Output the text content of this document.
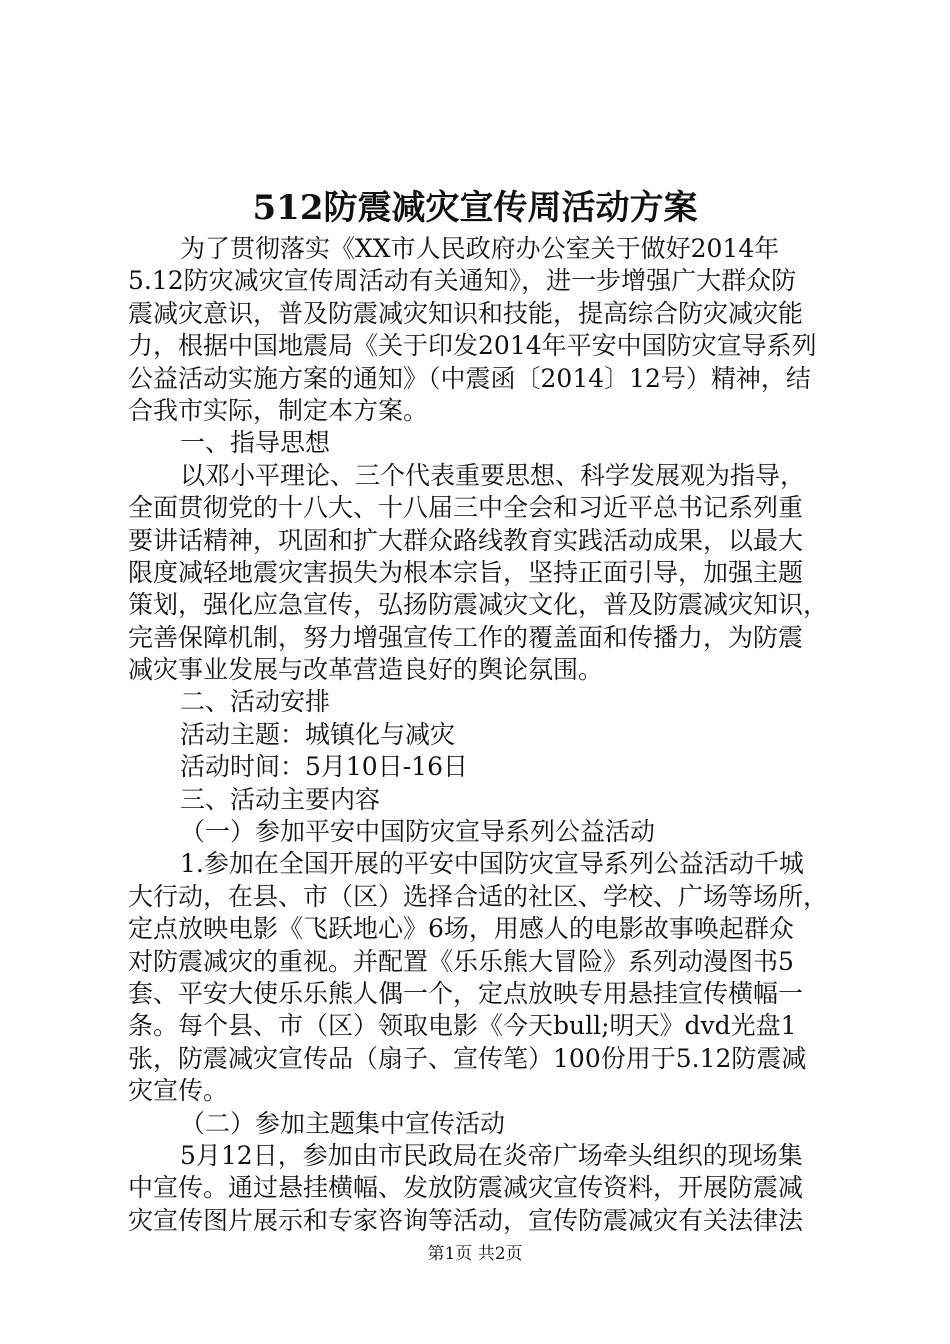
512防震减灾宣传周活动方案
为了贯彻落实《XX市人民政府办公室关于做好2014年
5.12防灾减灾宣传周活动有关通知》，进一步增强广大群众防
震减灾意识，普及防震减灾知识和技能，提高综合防灾减灾能
力，根据中国地震局《关于印发2014年平安中国防灾宣导系列
公益活动实施方案的通知》（中震函〔2014〕12号）精神，结
合我市实际，制定本方案。
一、指导思想
以邓小平理论、三个代表重要思想、科学发展观为指导，
全面贯彻党的十八大、十八届三中全会和习近平总书记系列重
要讲话精神，巩固和扩大群众路线教育实践活动成果，以最大
限度减轻地震灾害损失为根本宗旨，坚持正面引导，加强主题
策划，强化应急宣传，弘扬防震减灾文化，普及防震减灾知识，
完善保障机制，努力增强宣传工作的覆盖面和传播力，为防震
减灾事业发展与改革营造良好的舆论氛围。
二、活动安排
活动主题：城镇化与减灾
活动时间：5月10日-16日
三、活动主要内容
（一）参加平安中国防灾宣导系列公益活动
1.参加在全国开展的平安中国防灾宣导系列公益活动千城
大行动，在县、市（区）选择合适的社区、学校、广场等场所，
定点放映电影《飞跃地心》6场，用感人的电影故事唤起群众
对防震减灾的重视。并配置《乐乐熊大冒险》系列动漫图书5
套、平安大使乐乐熊人偶一个，定点放映专用悬挂宣传横幅一
条。每个县、市（区）领取电影《今天bull;明天》dvd光盘1
张，防震减灾宣传品（扇子、宣传笔）100份用于5.12防震减
灾宣传。
（二）参加主题集中宣传活动
5月12日，参加由市民政局在炎帝广场牵头组织的现场集
中宣传。通过悬挂横幅、发放防震减灾宣传资料，开展防震减
灾宣传图片展示和专家咨询等活动，宣传防震减灾有关法律法
第1页 共2页
